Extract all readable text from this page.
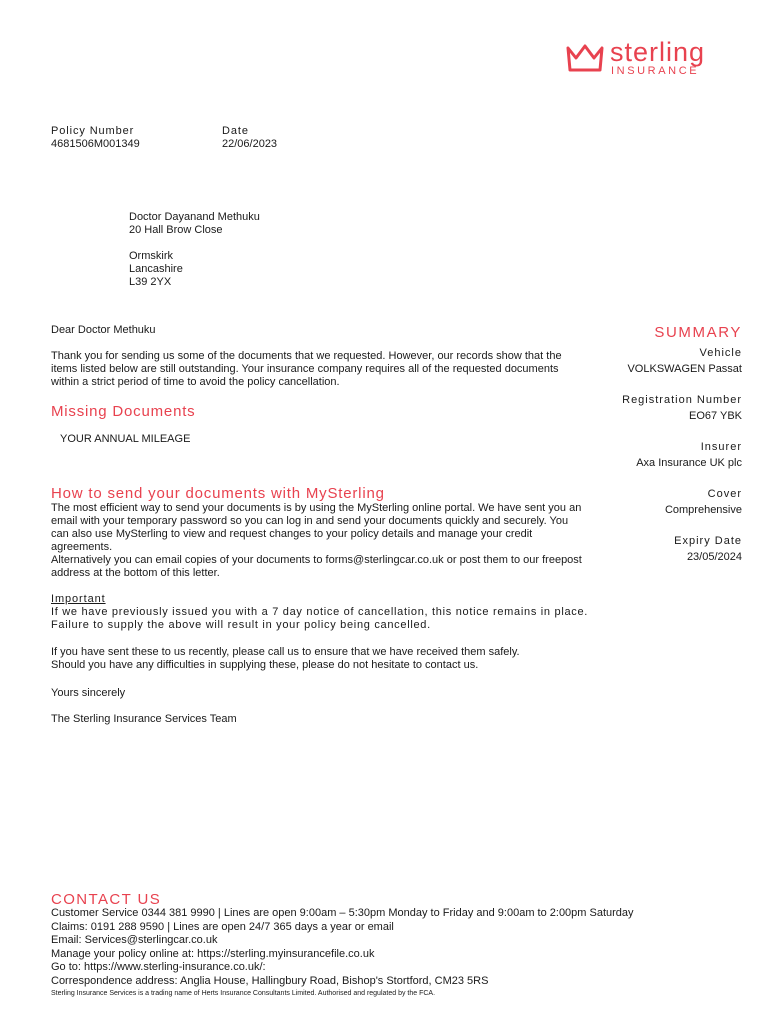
sterling
INSURANCE
Policy Number
4681506M001349
Date
22/06/2023
Doctor Dayanand Methuku
20 Hall Brow Close
Ormskirk
Lancashire
L39 2YX
SUMMARY
Vehicle
VOLKSWAGEN Passat
Registration Number
EO67 YBK
Insurer
Axa Insurance UK plc
Cover
Comprehensive
Expiry Date
23/05/2024
Dear Doctor Methuku
Thank you for sending us some of the documents that we requested. However, our records show that the items listed below are still outstanding. Your insurance company requires all of the requested documents within a strict period of time to avoid the policy cancellation.
Missing Documents
YOUR ANNUAL MILEAGE
How to send your documents with MySterling
The most efficient way to send your documents is by using the MySterling online portal. We have sent you an email with your temporary password so you can log in and send your documents quickly and securely. You can also use MySterling to view and request changes to your policy details and manage your credit agreements.
Alternatively you can email copies of your documents to forms@sterlingcar.co.uk or post them to our freepost address at the bottom of this letter.
Important
If we have previously issued you with a 7 day notice of cancellation, this notice remains in place.
Failure to supply the above will result in your policy being cancelled.
If you have sent these to us recently, please call us to ensure that we have received them safely.
Should you have any difficulties in supplying these, please do not hesitate to contact us.
Yours sincerely
The Sterling Insurance Services Team
CONTACT US
Customer Service 0344 381 9990 | Lines are open 9:00am – 5:30pm Monday to Friday and 9:00am to 2:00pm Saturday
Claims: 0191 288 9590 | Lines are open 24/7 365 days a year or email
Email: Services@sterlingcar.co.uk
Manage your policy online at: https://sterling.myinsurancefile.co.uk
Go to: https://www.sterling-insurance.co.uk/:
Correspondence address: Anglia House, Hallingbury Road, Bishop's Stortford, CM23 5RS
Sterling Insurance Services is a trading name of Herts Insurance Consultants Limited. Authorised and regulated by the FCA.
